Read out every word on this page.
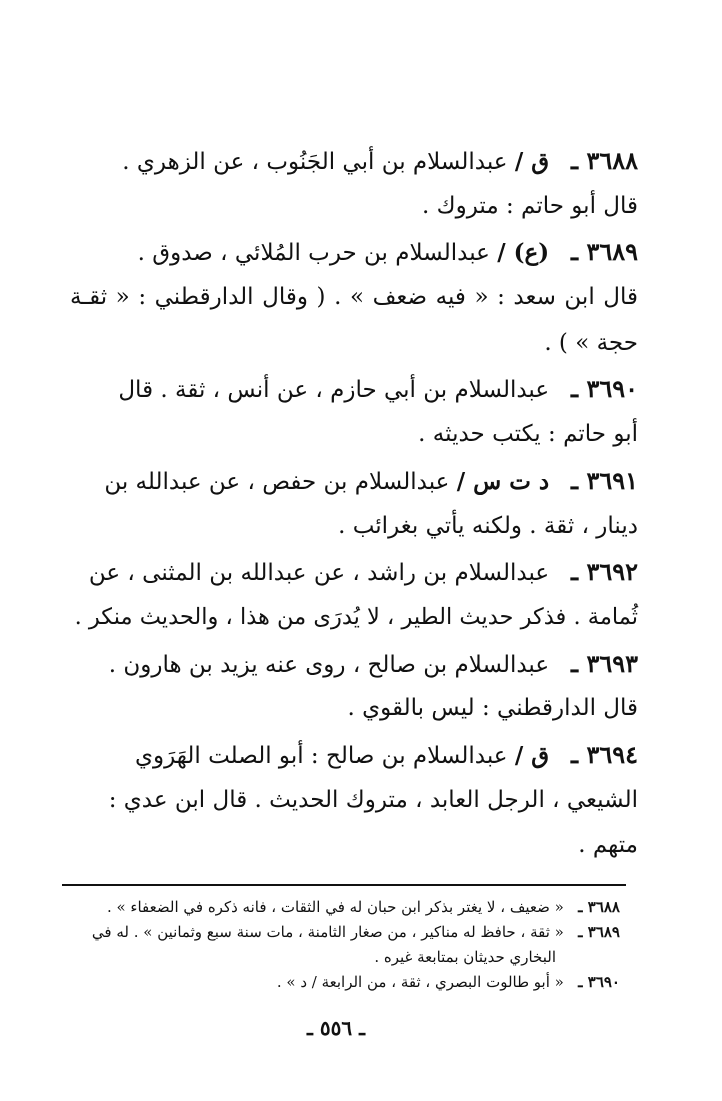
٣٦٨٨ ـ   ق / عبدالسلام بن أبي الجَنُوب ، عن الزهري .
قال أبو حاتم : متروك .
٣٦٨٩ ـ   (ع) / عبدالسلام بن حرب المُلائي ، صدوق .
قال ابن سعد : « فيه ضعف » . ( وقال الدارقطني : « ثقـة
حجة » ) .
٣٦٩٠ ـ   عبدالسلام بن أبي حازم ، عن أنس ، ثقة . قال
أبو حاتم : يكتب حديثه .
٣٦٩١ ـ   د ت س / عبدالسلام بن حفص ، عن عبدالله بن
دينار ، ثقة . ولكنه يأتي بغرائب .
٣٦٩٢ ـ   عبدالسلام بن راشد ، عن عبدالله بن المثنى ، عن
ثُمامة . فذكر حديث الطير ، لا يُدرَى من هذا ، والحديث منكر .
٣٦٩٣ ـ   عبدالسلام بن صالح ، روى عنه يزيد بن هارون .
قال الدارقطني : ليس بالقوي .
٣٦٩٤ ـ   ق / عبدالسلام بن صالح : أبو الصلت الهَرَوي
الشيعي ، الرجل العابد ، متروك الحديث . قال ابن عدي :
متهم .
٣٦٨٨ ـ   « ضعيف ، لا يغتر بذكر ابن حبان له في الثقات ، فانه ذكره في الضعفاء » .
٣٦٨٩ ـ   « ثقة ، حافظ له مناكير ، من صغار الثامنة ، مات سنة سبع وثمانين » . له في
البخاري حديثان بمتابعة غيره .
٣٦٩٠ ـ   « أبو طالوت البصري ، ثقة ، من الرابعة / د » .
ـ ٥٥٦ ـ
